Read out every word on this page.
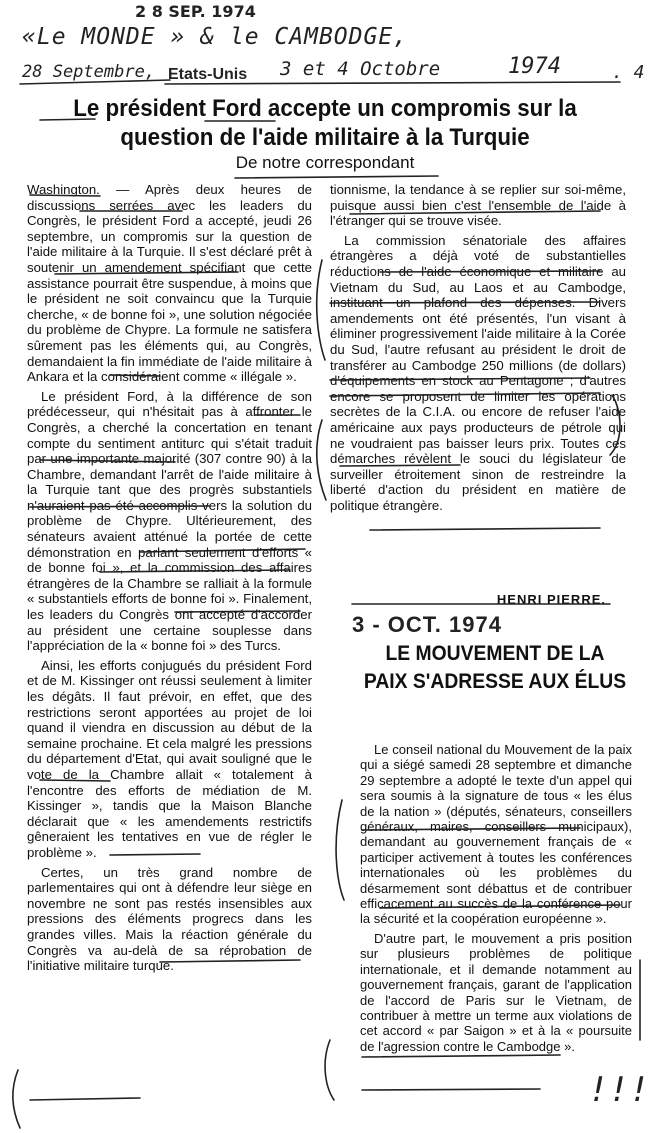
2 8 SEP. 1974
«Le MONDE » & le CAMBODGE,
28 Septembre, Etats-Unis 3 et 4 Octobre	1974	. 4
Le président Ford accepte un compromis sur la question de l'aide militaire à la Turquie
De notre correspondant

Washington. — Après deux heures de discussions serrées avec les leaders du Congrès, le président Ford a accepté, jeudi 26 septembre, un compromis sur la question de l'aide militaire à la Turquie. Il s'est déclaré prêt à soutenir un amendement spécifiant que cette assistance pourrait être suspendue, à moins que le président ne soit convaincu que la Turquie cherche, « de bonne foi », une solution négociée du problème de Chypre. La formule ne satisfera sûrement pas les éléments qui, au Congrès, demandaient la fin immédiate de l'aide militaire à Ankara et la considéraient comme « illégale ».

Le président Ford, à la différence de son prédécesseur, qui n'hésitait pas à affronter le Congrès, a cherché la concertation en tenant compte du sentiment antiturc qui s'était traduit par une importante majorité (307 contre 90) à la Chambre, demandant l'arrêt de l'aide militaire à la Turquie tant que des progrès substantiels n'auraient pas été accomplis vers la solution du problème de Chypre. Ultérieurement, des sénateurs avaient atténué la portée de cette démonstration en parlant seulement d'efforts « de bonne foi », et la commission des affaires étrangères de la Chambre se ralliait à la formule « substantiels efforts de bonne foi ». Finalement, les leaders du Congrès ont accepté d'accorder au président une certaine souplesse dans l'appréciation de la « bonne foi » des Turcs.

Ainsi, les efforts conjugués du président Ford et de M. Kissinger ont réussi seulement à limiter les dégâts. Il faut prévoir, en effet, que des restrictions seront apportées au projet de loi quand il viendra en discussion au début de la semaine prochaine. Et cela malgré les pressions du département d'Etat, qui avait souligné que le vote de la Chambre allait « totalement à l'encontre des efforts de médiation de M. Kissinger », tandis que la Maison Blanche déclarait que « les amendements restrictifs gêneraient les tentatives en vue de régler le problème ».

Certes, un très grand nombre de parlementaires qui ont à défendre leur siège en novembre ne sont pas restés insensibles aux pressions des éléments progrecs dans les grandes villes. Mais la réaction générale du Congrès va au-delà de sa réprobation de l'initiative militaire turque.

tionnisme, la tendance à se replier sur soi-même, puisque aussi bien c'est l'ensemble de l'aide à l'étranger qui se trouve visée.

La commission sénatoriale des affaires étrangères a déjà voté de substantielles réductions de l'aide économique et militaire au Vietnam du Sud, au Laos et au Cambodge, instituant un plafond des dépenses. Divers amendements ont été présentés, l'un visant à éliminer progressivement l'aide militaire à la Corée du Sud, l'autre refusant au président le droit de transférer au Cambodge 250 millions (de dollars) d'équipements en stock au Pentagone ; d'autres encore se proposent de limiter les opérations secrètes de la C.I.A. ou encore de refuser l'aide américaine aux pays producteurs de pétrole qui ne voudraient pas baisser leurs prix. Toutes ces démarches révèlent le souci du législateur de surveiller étroitement sinon de restreindre la liberté d'action du président en matière de politique étrangère.

HENRI PIERRE.
3 - OCT. 1974
LE MOUVEMENT DE LA PAIX S'ADRESSE AUX ÉLUS

Le conseil national du Mouvement de la paix qui a siégé samedi 28 septembre et dimanche 29 septembre a adopté le texte d'un appel qui sera soumis à la signature de tous « les élus de la nation » (députés, sénateurs, conseillers généraux, maires, conseillers municipaux), demandant au gouvernement français de « participer activement à toutes les conférences internationales où les problèmes du désarmement sont débattus et de contribuer efficacement au succès de la conférence pour la sécurité et la coopération européenne ».

D'autre part, le mouvement a pris position sur plusieurs problèmes de politique internationale, et il demande notamment au gouvernement français, garant de l'application de l'accord de Paris sur le Vietnam, de contribuer à mettre un terme aux violations de cet accord « par Saigon » et à la « poursuite de l'agression contre le Cambodge ».

!!!
